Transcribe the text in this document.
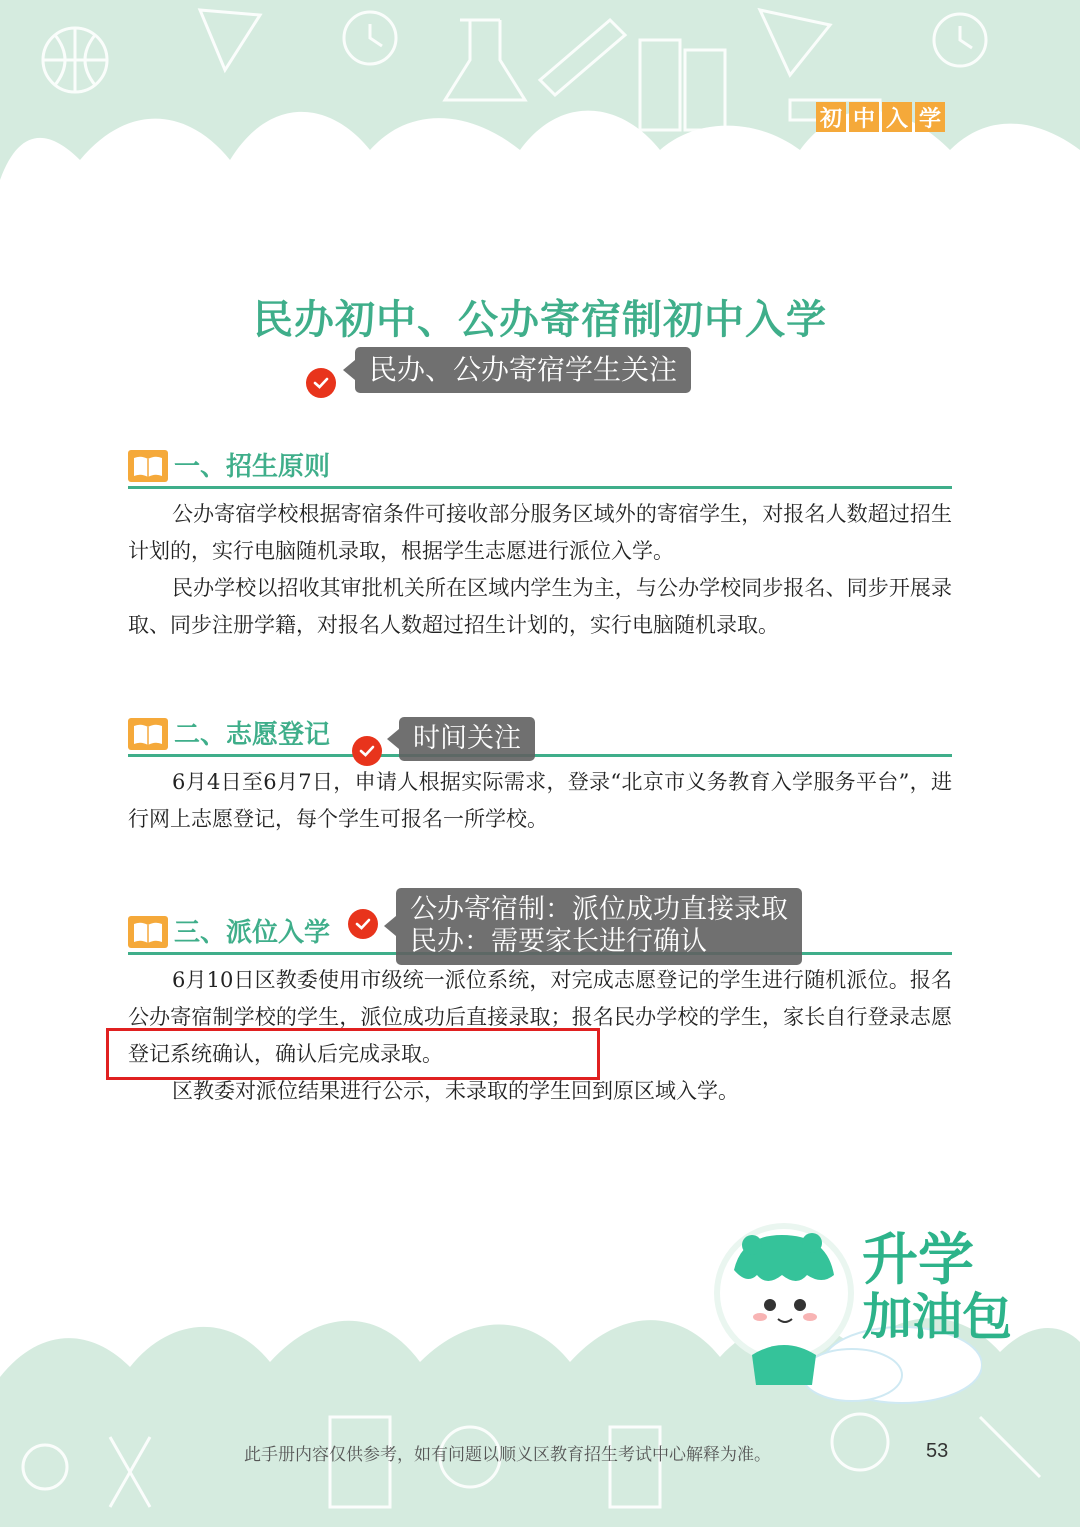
初 中 入 学
民办初中、公办寄宿制初中入学
民办、公办寄宿学生关注
一、招生原则

公办寄宿学校根据寄宿条件可接收部分服务区域外的寄宿学生，对报名人数超过招生计划的，实行电脑随机录取，根据学生志愿进行派位入学。

民办学校以招收其审批机关所在区域内学生为主，与公办学校同步报名、同步开展录取、同步注册学籍，对报名人数超过招生计划的，实行电脑随机录取。

二、志愿登记	时间关注

6月4日至6月7日，申请人根据实际需求，登录“北京市义务教育入学服务平台”，进行网上志愿登记，每个学生可报名一所学校。

三、派位入学
公办寄宿制：派位成功直接录取
民办：需要家长进行确认

6月10日区教委使用市级统一派位系统，对完成志愿登记的学生进行随机派位。报名公办寄宿制学校的学生，派位成功后直接录取；报名民办学校的学生，家长自行登录志愿登记系统确认，确认后完成录取。

区教委对派位结果进行公示，未录取的学生回到原区域入学。

升学
加油包
此手册内容仅供参考，如有问题以顺义区教育招生考试中心解释为准。	53
